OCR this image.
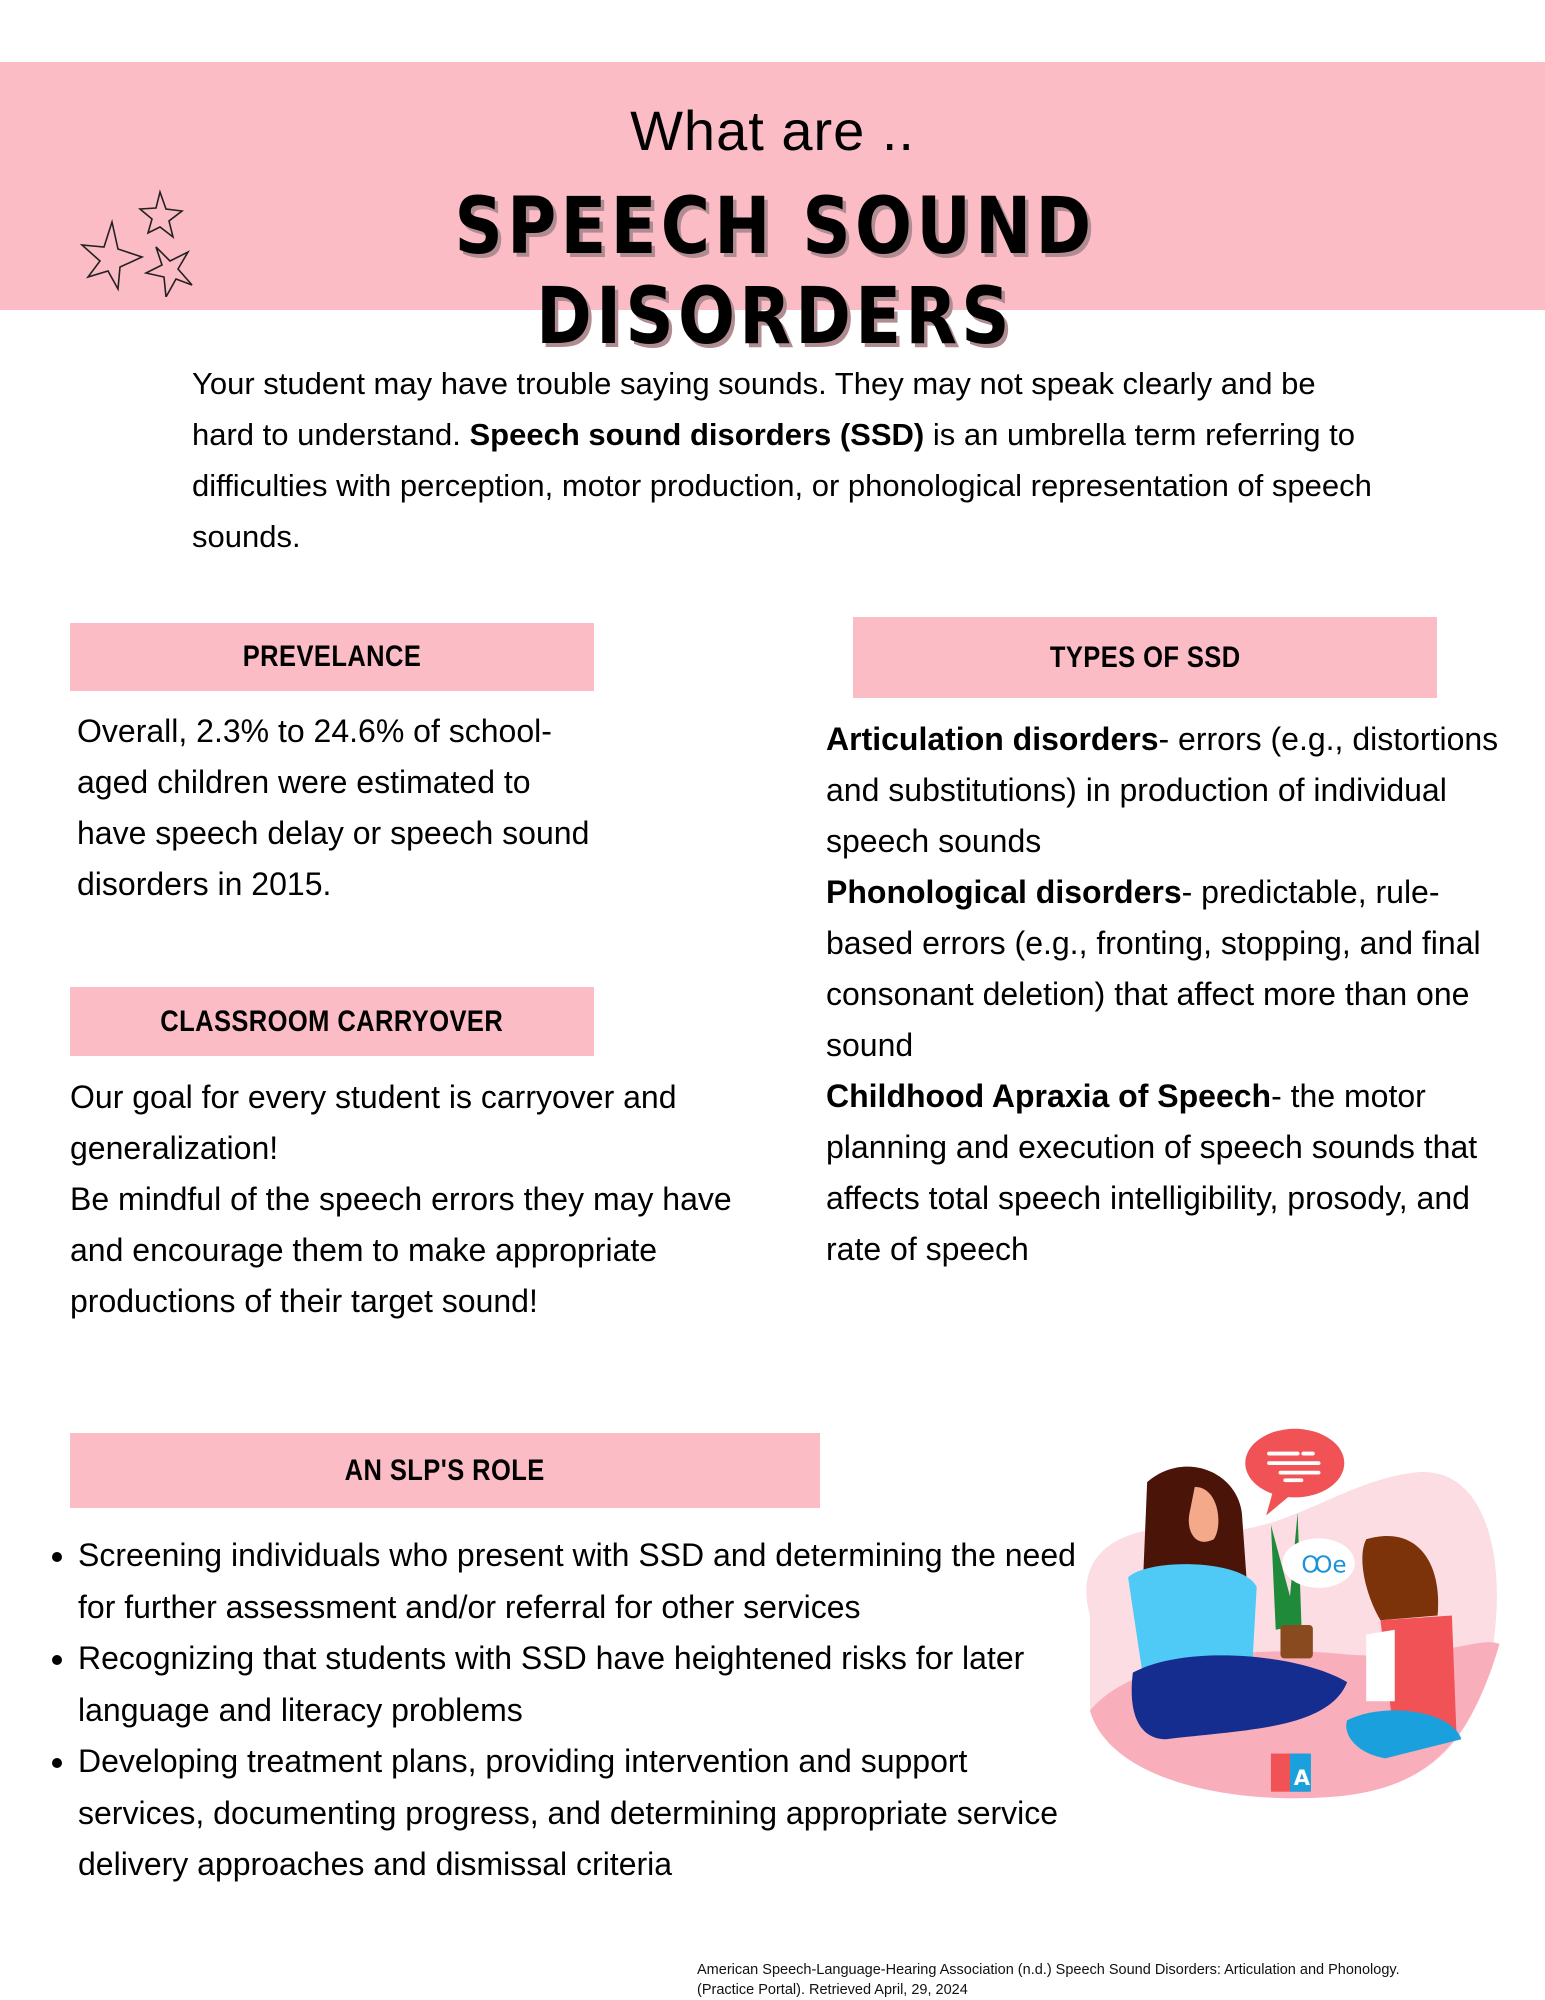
What are ..
SPEECH SOUND DISORDERS
Your student may have trouble saying sounds. They may not speak clearly and be hard to understand. Speech sound disorders (SSD) is an umbrella term referring to difficulties with perception, motor production, or phonological representation of speech sounds.
PREVELANCE
Overall, 2.3% to 24.6% of school-aged children were estimated to have speech delay or speech sound disorders in 2015.
TYPES OF SSD
Articulation disorders- errors (e.g., distortions and substitutions) in production of individual speech sounds
Phonological disorders- predictable, rule-based errors (e.g., fronting, stopping, and final consonant deletion) that affect more than one sound
Childhood Apraxia of Speech- the motor planning and execution of speech sounds that affects total speech intelligibility, prosody, and rate of speech
CLASSROOM CARRYOVER
Our goal for every student is carryover and generalization!
Be mindful of the speech errors they may have and encourage them to make appropriate productions of their target sound!
AN SLP'S ROLE
• Screening individuals who present with SSD and determining the need for further assessment and/or referral for other services
• Recognizing that students with SSD have heightened risks for later language and literacy problems
• Developing treatment plans, providing intervention and support services, documenting progress, and determining appropriate service delivery approaches and dismissal criteria
Ꝏe
A
American Speech-Language-Hearing Association (n.d.) Speech Sound Disorders: Articulation and Phonology.
(Practice Portal). Retrieved April, 29, 2024
